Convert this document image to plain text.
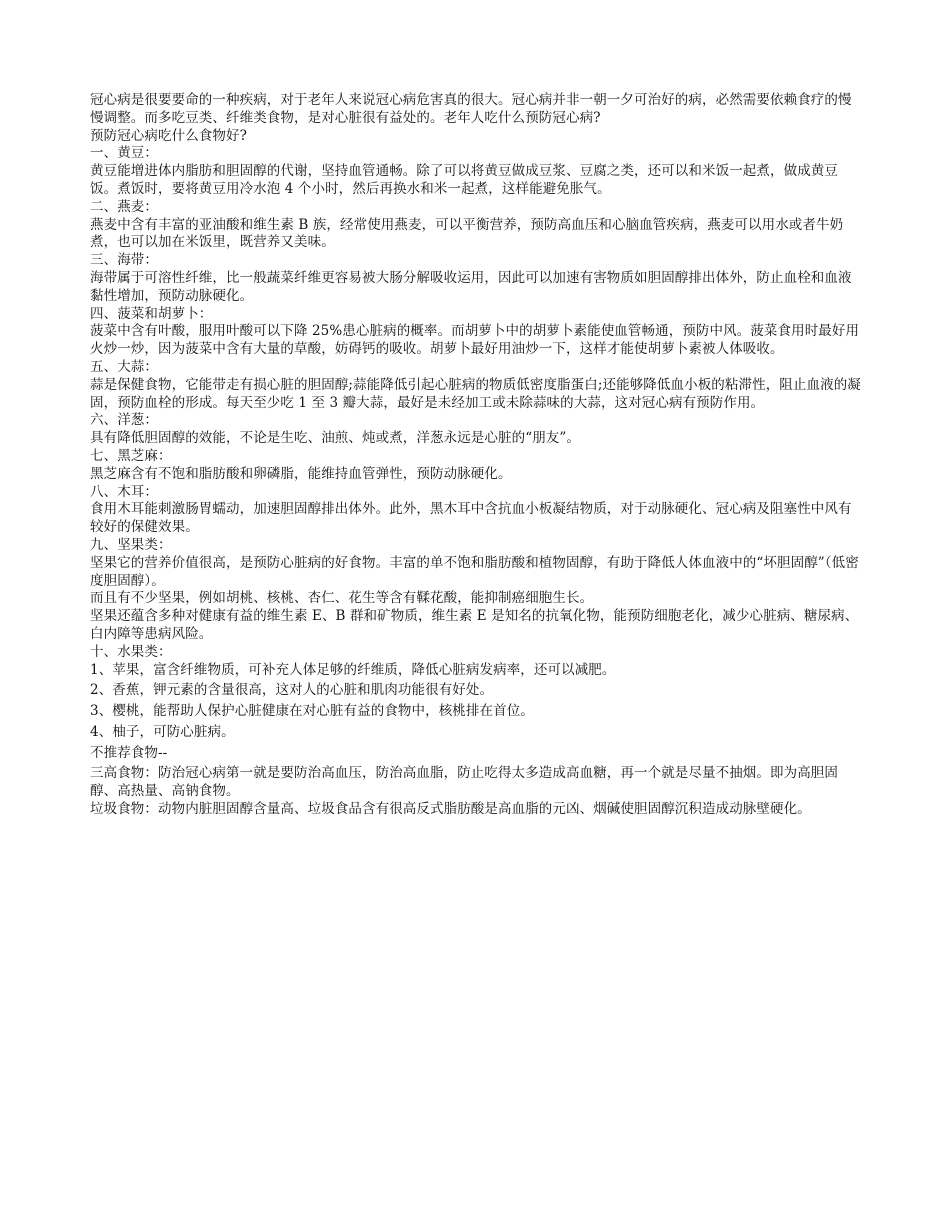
冠心病是很要要命的一种疾病，对于老年人来说冠心病危害真的很大。冠心病并非一朝一夕可治好的病，必然需要依赖食疗的慢慢调整。而多吃豆类、纤维类食物，是对心脏很有益处的。老年人吃什么预防冠心病?

预防冠心病吃什么食物好?

一、黄豆：

黄豆能增进体内脂肪和胆固醇的代谢，坚持血管通畅。除了可以将黄豆做成豆浆、豆腐之类，还可以和米饭一起煮，做成黄豆饭。煮饭时，要将黄豆用冷水泡 4 个小时，然后再换水和米一起煮，这样能避免胀气。

二、燕麦：

燕麦中含有丰富的亚油酸和维生素 B 族，经常使用燕麦，可以平衡营养，预防高血压和心脑血管疾病，燕麦可以用水或者牛奶煮，也可以加在米饭里，既营养又美味。

三、海带：

海带属于可溶性纤维，比一般蔬菜纤维更容易被大肠分解吸收运用，因此可以加速有害物质如胆固醇排出体外，防止血栓和血液黏性增加，预防动脉硬化。

四、菠菜和胡萝卜：

菠菜中含有叶酸，服用叶酸可以下降 25%患心脏病的概率。而胡萝卜中的胡萝卜素能使血管畅通，预防中风。菠菜食用时最好用火炒一炒，因为菠菜中含有大量的草酸，妨碍钙的吸收。胡萝卜最好用油炒一下，这样才能使胡萝卜素被人体吸收。

五、大蒜：

蒜是保健食物，它能带走有损心脏的胆固醇;蒜能降低引起心脏病的物质低密度脂蛋白;还能够降低血小板的粘滞性，阻止血液的凝固，预防血栓的形成。每天至少吃 1 至 3 瓣大蒜，最好是未经加工或未除蒜味的大蒜，这对冠心病有预防作用。

六、洋葱：

具有降低胆固醇的效能，不论是生吃、油煎、炖或煮，洋葱永远是心脏的“朋友”。

七、黑芝麻：

黑芝麻含有不饱和脂肪酸和卵磷脂，能维持血管弹性，预防动脉硬化。

八、木耳：

食用木耳能刺激肠胃蠕动，加速胆固醇排出体外。此外，黑木耳中含抗血小板凝结物质，对于动脉硬化、冠心病及阻塞性中风有较好的保健效果。

九、坚果类：

坚果它的营养价值很高，是预防心脏病的好食物。丰富的单不饱和脂肪酸和植物固醇，有助于降低人体血液中的“坏胆固醇”（低密度胆固醇）。

而且有不少坚果，例如胡桃、核桃、杏仁、花生等含有鞣花酸，能抑制癌细胞生长。

坚果还蕴含多种对健康有益的维生素 E、B 群和矿物质，维生素 E 是知名的抗氧化物，能预防细胞老化，减少心脏病、糖尿病、白内障等患病风险。

十、水果类：

1、苹果，富含纤维物质，可补充人体足够的纤维质，降低心脏病发病率，还可以减肥。

2、香蕉，钾元素的含量很高，这对人的心脏和肌肉功能很有好处。

3、樱桃，能帮助人保护心脏健康在对心脏有益的食物中，核桃排在首位。

4、柚子，可防心脏病。

不推荐食物--

三高食物：防治冠心病第一就是要防治高血压，防治高血脂，防止吃得太多造成高血糖，再一个就是尽量不抽烟。即为高胆固醇、高热量、高钠食物。

垃圾食物：动物内脏胆固醇含量高、垃圾食品含有很高反式脂肪酸是高血脂的元凶、烟碱使胆固醇沉积造成动脉壁硬化。
